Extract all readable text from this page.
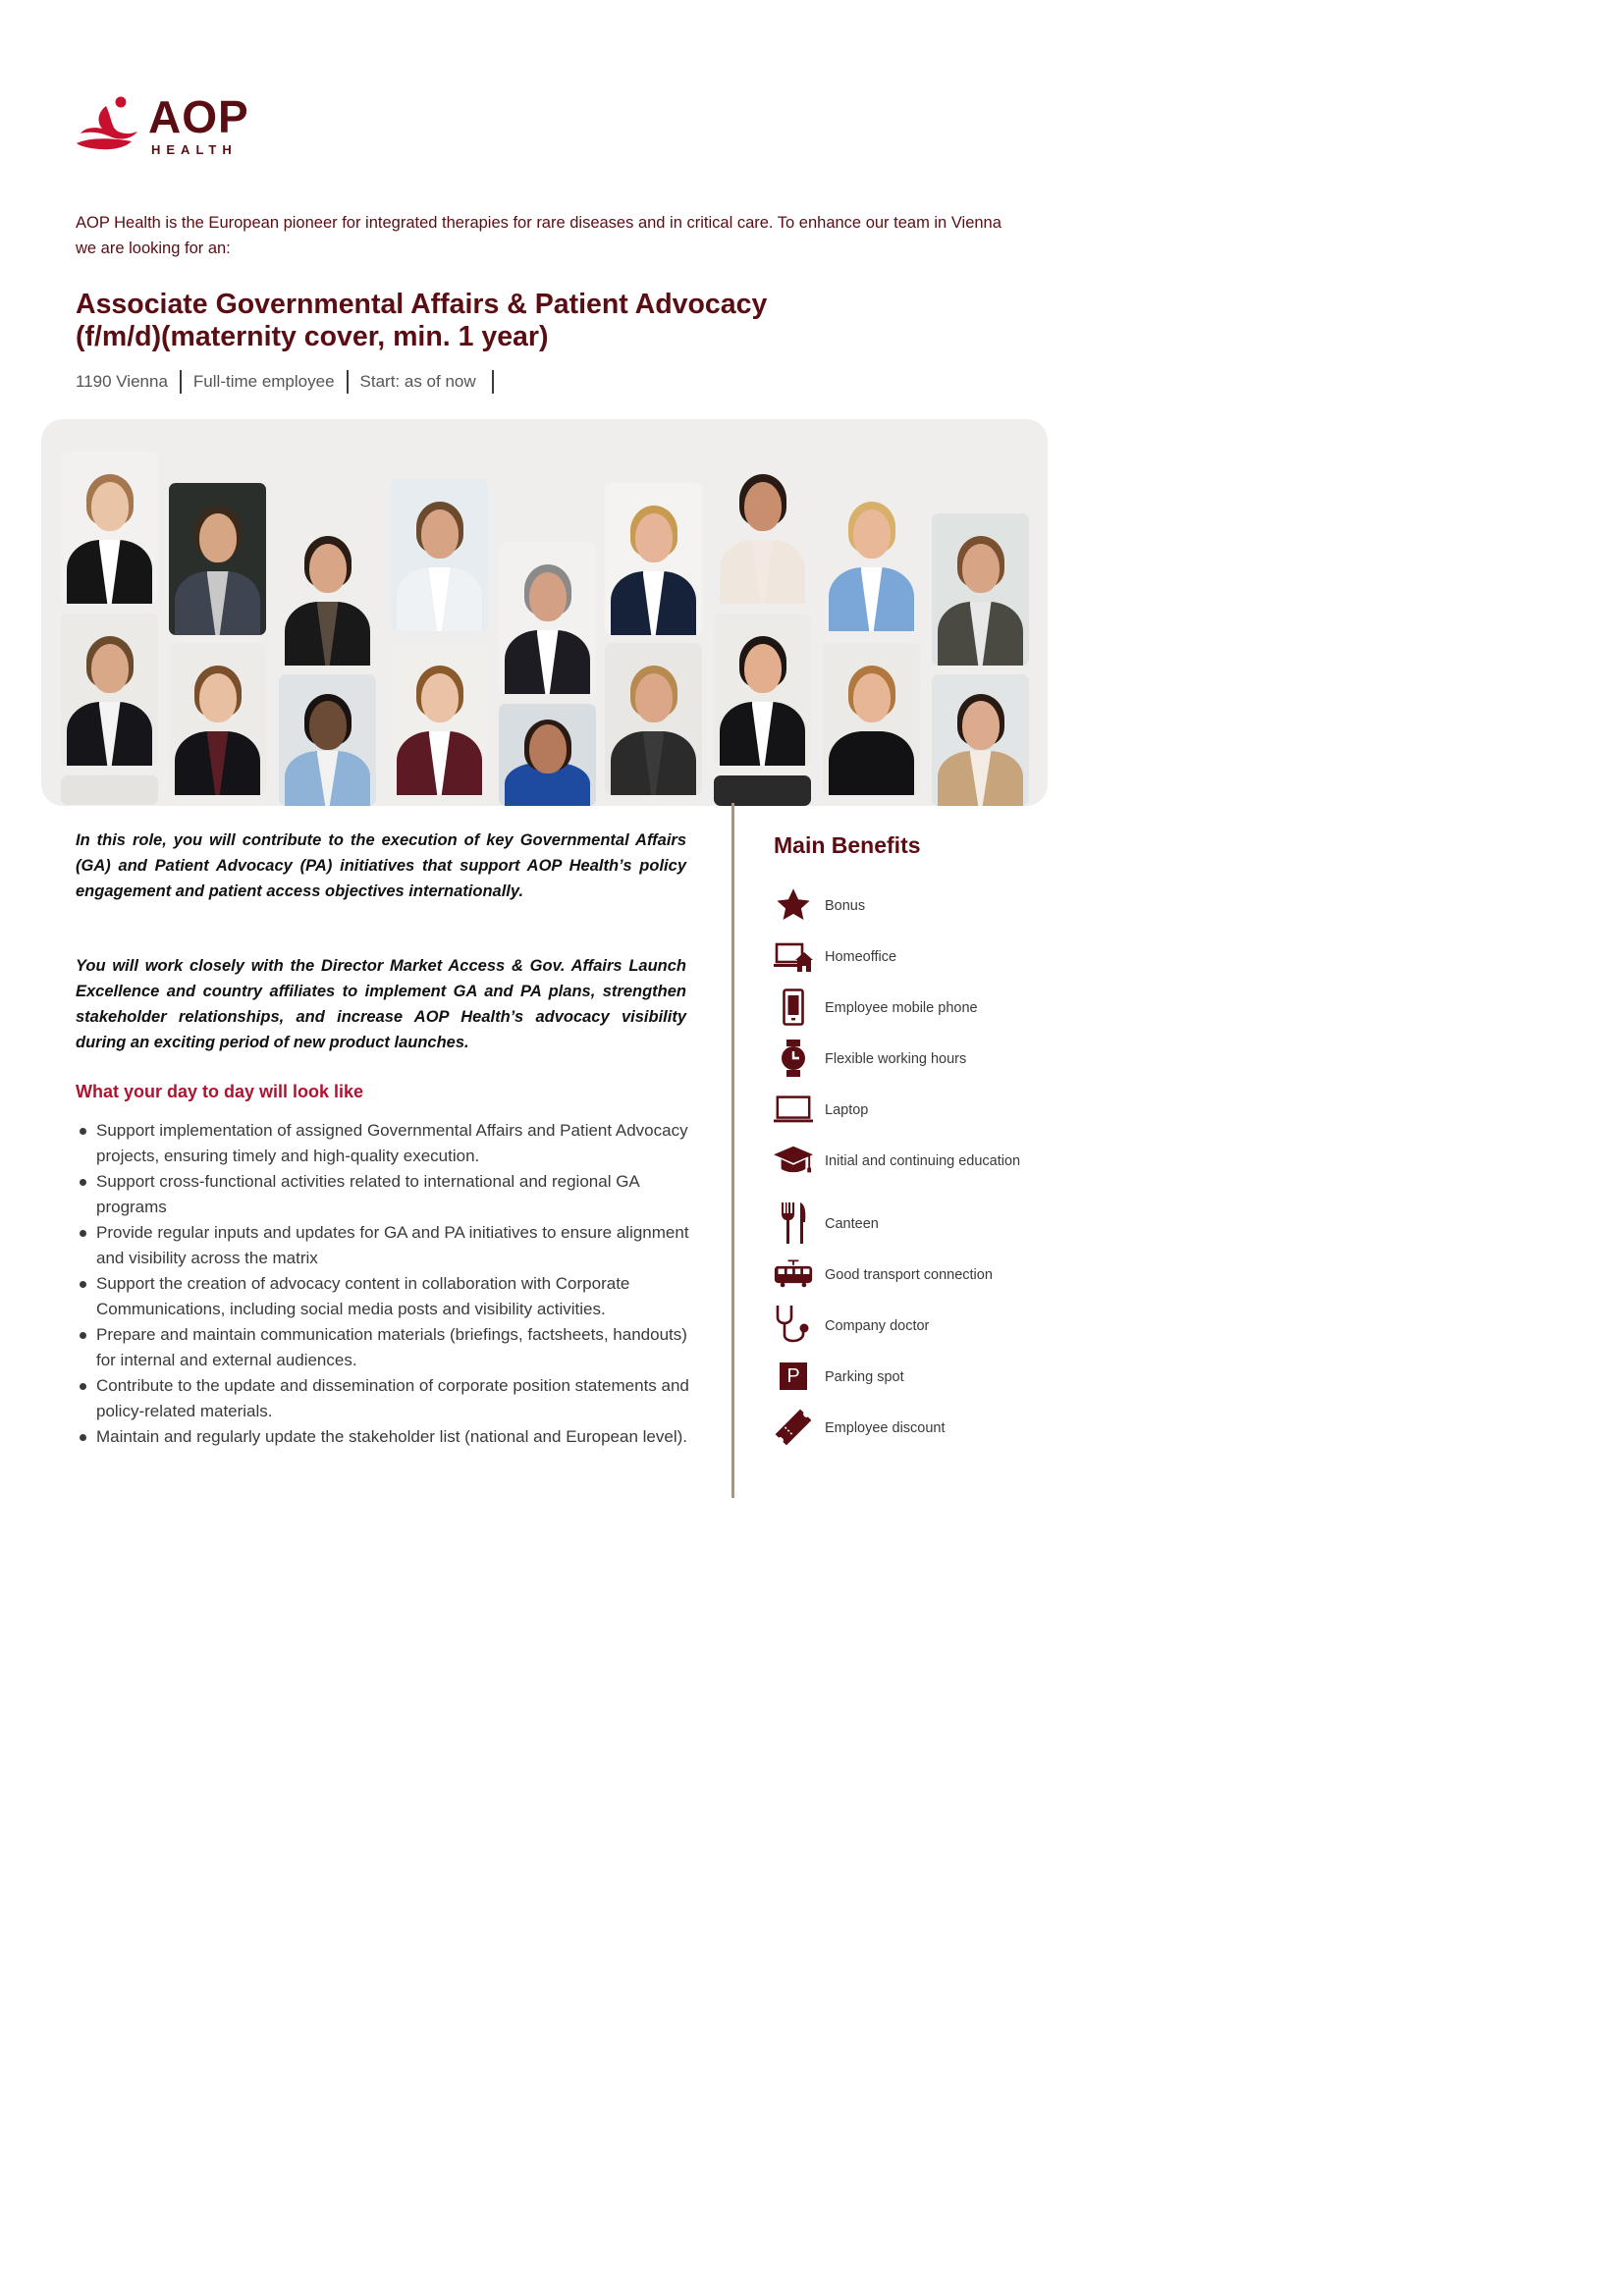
AOP
HEALTH

AOP Health is the European pioneer for integrated therapies for rare diseases and in critical care. To enhance our team in Vienna we are looking for an:

Associate Governmental Affairs & Patient Advocacy
(f/m/d)(maternity cover, min. 1 year)
1190 Vienna Full-time employee Start: as of now

In this role, you will contribute to the execution of key Governmental Affairs (GA) and Patient Advocacy (PA) initiatives that support AOP Health’s policy engagement and patient access objectives internationally.

You will work closely with the Director Market Access & Gov. Affairs Launch Excellence and country affiliates to implement GA and PA plans, strengthen stakeholder relationships, and increase AOP Health’s advocacy visibility during an exciting period of new product launches.

What your day to day will look like
Support implementation of assigned Governmental Affairs and Patient Advocacy projects, ensuring timely and high-quality execution.
Support cross-functional activities related to international and regional GA programs
Provide regular inputs and updates for GA and PA initiatives to ensure alignment and visibility across the matrix
Support the creation of advocacy content in collaboration with Corporate Communications, including social media posts and visibility activities.
Prepare and maintain communication materials (briefings, factsheets, handouts) for internal and external audiences.
Contribute to the update and dissemination of corporate position statements and policy-related materials.
Maintain and regularly update the stakeholder list (national and European level).
Main Benefits
Bonus
Homeoffice
Employee mobile phone
Flexible working hours
Laptop
Initial and continuing education
Canteen
Good transport connection
Company doctor
P	Parking spot
Employee discount
